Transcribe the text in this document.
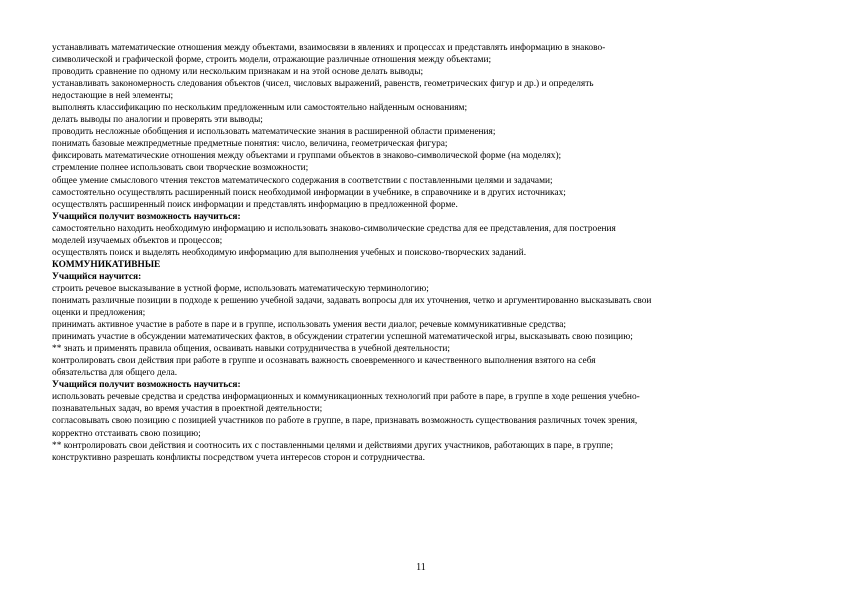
устанавливать математические отношения между объектами, взаимосвязи в явлениях и процессах и представлять информацию в знаково-
символической и графической форме, строить модели, отражающие различные отношения между объектами;
проводить сравнение по одному или нескольким признакам и на этой основе делать выводы;
устанавливать закономерность следования объектов (чисел, числовых выражений, равенств, геометрических фигур и др.) и определять
недостающие в ней элементы;
выполнять классификацию по нескольким предложенным или самостоятельно найденным основаниям;
делать выводы по аналогии и проверять эти выводы;
проводить несложные обобщения и использовать математические знания в расширенной области применения;
понимать базовые межпредметные предметные понятия: число, величина, геометрическая фигура;
фиксировать математические отношения между объектами и группами объектов в знаково-символической форме (на моделях);
стремление полнее использовать свои творческие возможности;
общее умение смыслового чтения текстов математического содержания в соответствии с поставленными целями и задачами;
самостоятельно осуществлять расширенный поиск необходимой информации в учебнике, в справочнике и в других источниках;
осуществлять расширенный поиск информации и представлять информацию в предложенной форме.
Учащийся получит возможность научиться:
самостоятельно находить необходимую информацию и использовать знаково-символические средства для ее представления, для построения
моделей изучаемых объектов и процессов;
осуществлять поиск и выделять необходимую информацию для выполнения учебных и поисково-творческих заданий.
КОММУНИКАТИВНЫЕ
Учащийся научится:
строить речевое высказывание в устной форме, использовать математическую терминологию;
понимать различные позиции в подходе к решению учебной задачи, задавать вопросы для их уточнения, четко и аргументированно высказывать свои
оценки и предложения;
принимать активное участие в работе в паре и в группе, использовать умения вести диалог, речевые коммуникативные средства;
принимать участие в обсуждении математических фактов, в обсуждении стратегии успешной математической игры, высказывать свою позицию;
** знать и применять правила общения, осваивать навыки сотрудничества в учебной деятельности;
контролировать свои действия при работе в группе и осознавать важность своевременного и качественного выполнения взятого на себя
обязательства для общего дела.
Учащийся получит возможность научиться:
использовать речевые средства и средства информационных и коммуникационных технологий при работе в паре, в группе в ходе решения учебно-
познавательных задач, во время участия в проектной деятельности;
согласовывать свою позицию с позицией участников по работе в группе, в паре, признавать возможность существования различных точек зрения,
корректно отстаивать свою позицию;
** контролировать свои действия и соотносить их с поставленными целями и действиями других участников, работающих в паре, в группе;
конструктивно разрешать конфликты посредством учета интересов сторон и сотрудничества.
11
